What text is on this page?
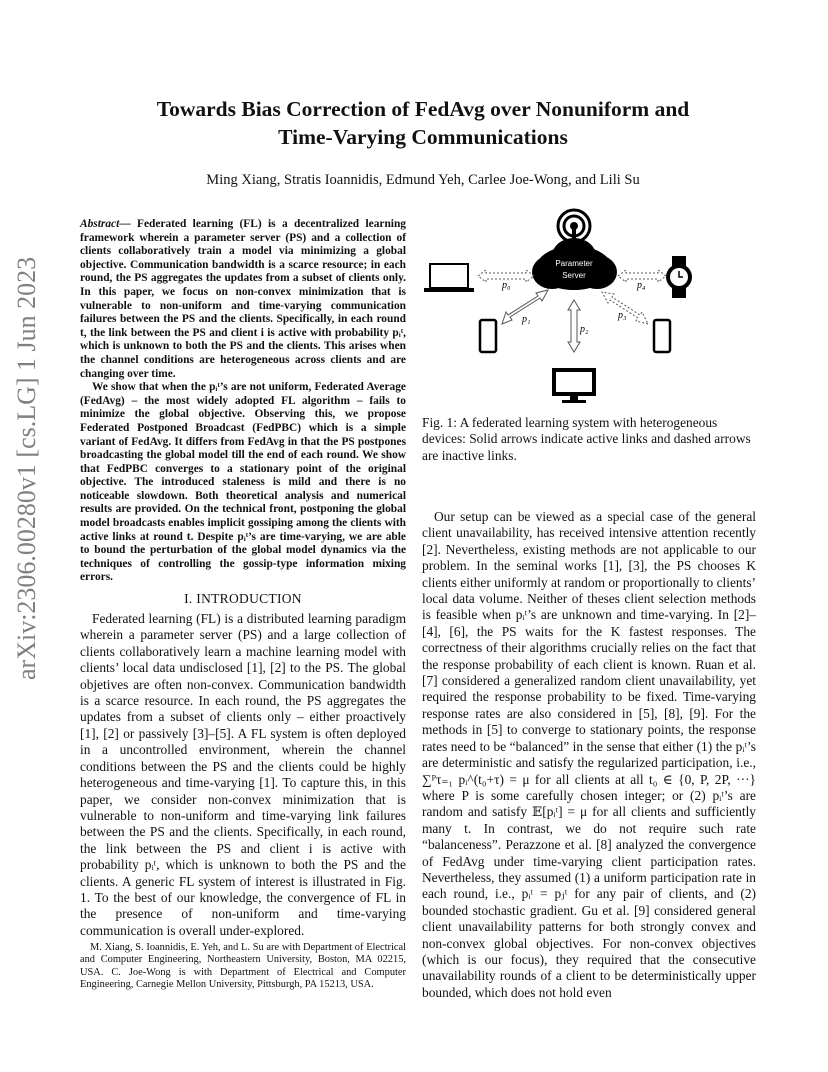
arXiv:2306.00280v1 [cs.LG] 1 Jun 2023
Towards Bias Correction of FedAvg over Nonuniform and
Time-Varying Communications
Ming Xiang, Stratis Ioannidis, Edmund Yeh, Carlee Joe-Wong, and Lili Su

Abstract— Federated learning (FL) is a decentralized learning framework wherein a parameter server (PS) and a collection of clients collaboratively train a model via minimizing a global objective. Communication bandwidth is a scarce resource; in each round, the PS aggregates the updates from a subset of clients only. In this paper, we focus on non-convex minimization that is vulnerable to non-uniform and time-varying communication failures between the PS and the clients. Specifically, in each round t, the link between the PS and client i is active with probability pᵢᵗ, which is unknown to both the PS and the clients. This arises when the channel conditions are heterogeneous across clients and are changing over time.

We show that when the pᵢᵗ’s are not uniform, Federated Average (FedAvg) – the most widely adopted FL algorithm – fails to minimize the global objective. Observing this, we propose Federated Postponed Broadcast (FedPBC) which is a simple variant of FedAvg. It differs from FedAvg in that the PS postpones broadcasting the global model till the end of each round. We show that FedPBC converges to a stationary point of the original objective. The introduced staleness is mild and there is no noticeable slowdown. Both theoretical analysis and numerical results are provided. On the technical front, postponing the global model broadcasts enables implicit gossiping among the clients with active links at round t. Despite pᵢᵗ’s are time-varying, we are able to bound the perturbation of the global model dynamics via the techniques of controlling the gossip-type information mixing errors.

I. INTRODUCTION

Federated learning (FL) is a distributed learning paradigm wherein a parameter server (PS) and a large collection of clients collaboratively learn a machine learning model with clients’ local data undisclosed [1], [2] to the PS. The global objetives are often non-convex. Communication bandwidth is a scarce resource. In each round, the PS aggregates the updates from a subset of clients only – either proactively [1], [2] or passively [3]–[5]. A FL system is often deployed in a uncontrolled environment, wherein the channel conditions between the PS and the clients could be highly heterogeneous and time-varying [1]. To capture this, in this paper, we consider non-convex minimization that is vulnerable to non-uniform and time-varying link failures between the PS and the clients. Specifically, in each round, the link between the PS and client i is active with probability pᵢᵗ, which is unknown to both the PS and the clients. A generic FL system of interest is illustrated in Fig. 1. To the best of our knowledge, the convergence of FL in the presence of non-uniform and time-varying communication is overall under-explored.

M. Xiang, S. Ioannidis, E. Yeh, and L. Su are with Department of Electrical and Computer Engineering, Northeastern University, Boston, MA 02215, USA. C. Joe-Wong is with Department of Electrical and Computer Engineering, Carnegie Mellon University, Pittsburgh, PA 15213, USA.

Parameter
Server
p₀	p₄
p₁	p₃
p₂

Fig. 1: A federated learning system with heterogeneous devices: Solid arrows indicate active links and dashed arrows are inactive links.

Our setup can be viewed as a special case of the general client unavailability, has received intensive attention recently [2]. Nevertheless, existing methods are not applicable to our problem. In the seminal works [1], [3], the PS chooses K clients either uniformly at random or proportionally to clients’ local data volume. Neither of theses client selection methods is feasible when pᵢᵗ’s are unknown and time-varying. In [2]–[4], [6], the PS waits for the K fastest responses. The correctness of their algorithms crucially relies on the fact that the response probability of each client is known. Ruan et al. [7] considered a generalized random client unavailability, yet required the response probability to be fixed. Time-varying response rates are also considered in [5], [8], [9]. For the methods in [5] to converge to stationary points, the response rates need to be “balanced” in the sense that either (1) the pᵢᵗ’s are deterministic and satisfy the regularized participation, i.e., ∑ᴾτ₌₁ pᵢ^(t₀+τ) = μ for all clients at all t₀ ∈ {0, P, 2P, ···} where P is some carefully chosen integer; or (2) pᵢᵗ’s are random and satisfy 𝔼[pᵢᵗ] = μ for all clients and sufficiently many t. In contrast, we do not require such rate “balanceness”. Perazzone et al. [8] analyzed the convergence of FedAvg under time-varying client participation rates. Nevertheless, they assumed (1) a uniform participation rate in each round, i.e., pᵢᵗ = pⱼᵗ for any pair of clients, and (2) bounded stochastic gradient. Gu et al. [9] considered general client unavailability patterns for both strongly convex and non-convex global objectives. For non-convex objectives (which is our focus), they required that the consecutive unavailability rounds of a client to be deterministically upper bounded, which does not hold even
